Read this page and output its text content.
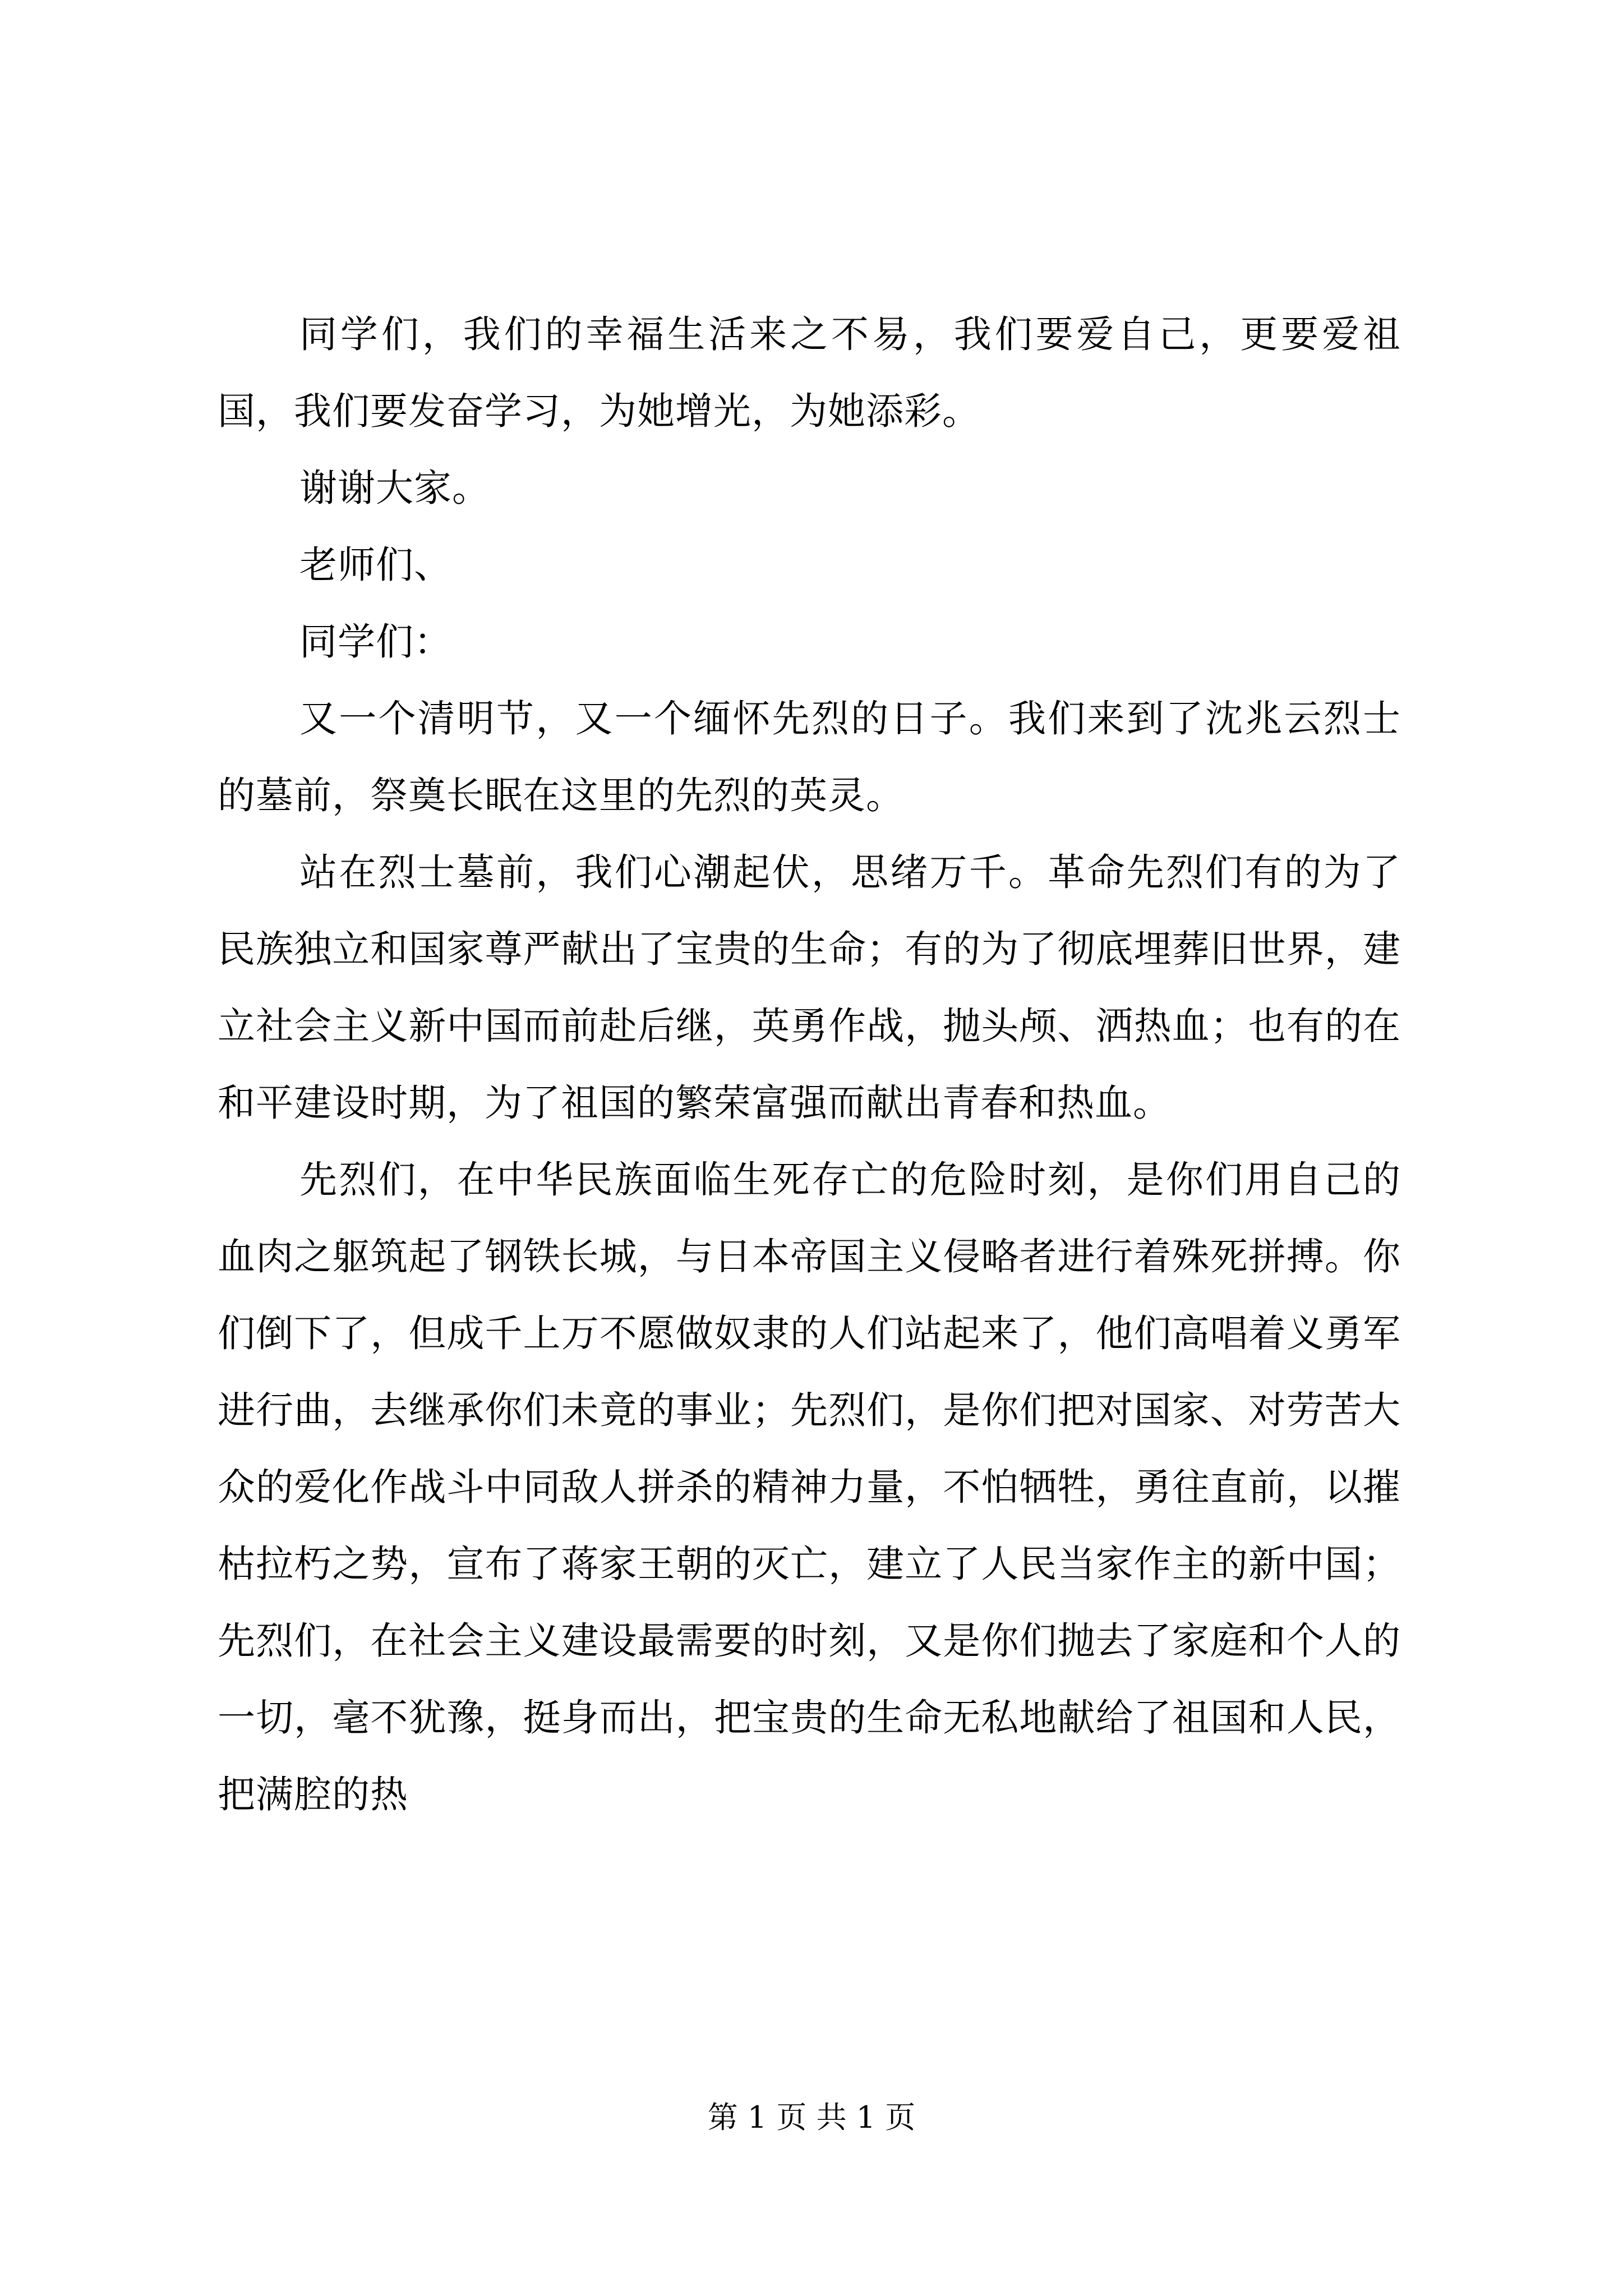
同学们，我们的幸福生活来之不易，我们要爱自己，更要爱祖国，我们要发奋学习，为她增光，为她添彩。

谢谢大家。

老师们、

同学们：

又一个清明节，又一个缅怀先烈的日子。我们来到了沈兆云烈士的墓前，祭奠长眠在这里的先烈的英灵。

站在烈士墓前，我们心潮起伏，思绪万千。革命先烈们有的为了民族独立和国家尊严献出了宝贵的生命；有的为了彻底埋葬旧世界，建立社会主义新中国而前赴后继，英勇作战，抛头颅、洒热血；也有的在和平建设时期，为了祖国的繁荣富强而献出青春和热血。

先烈们，在中华民族面临生死存亡的危险时刻，是你们用自己的血肉之躯筑起了钢铁长城，与日本帝国主义侵略者进行着殊死拼搏。你们倒下了，但成千上万不愿做奴隶的人们站起来了，他们高唱着义勇军进行曲，去继承你们未竟的事业；先烈们，是你们把对国家、对劳苦大众的爱化作战斗中同敌人拼杀的精神力量，不怕牺牲，勇往直前，以摧枯拉朽之势，宣布了蒋家王朝的灭亡，建立了人民当家作主的新中国；先烈们，在社会主义建设最需要的时刻，又是你们抛去了家庭和个人的一切，毫不犹豫，挺身而出，把宝贵的生命无私地献给了祖国和人民，把满腔的热

第 1 页 共 1 页
